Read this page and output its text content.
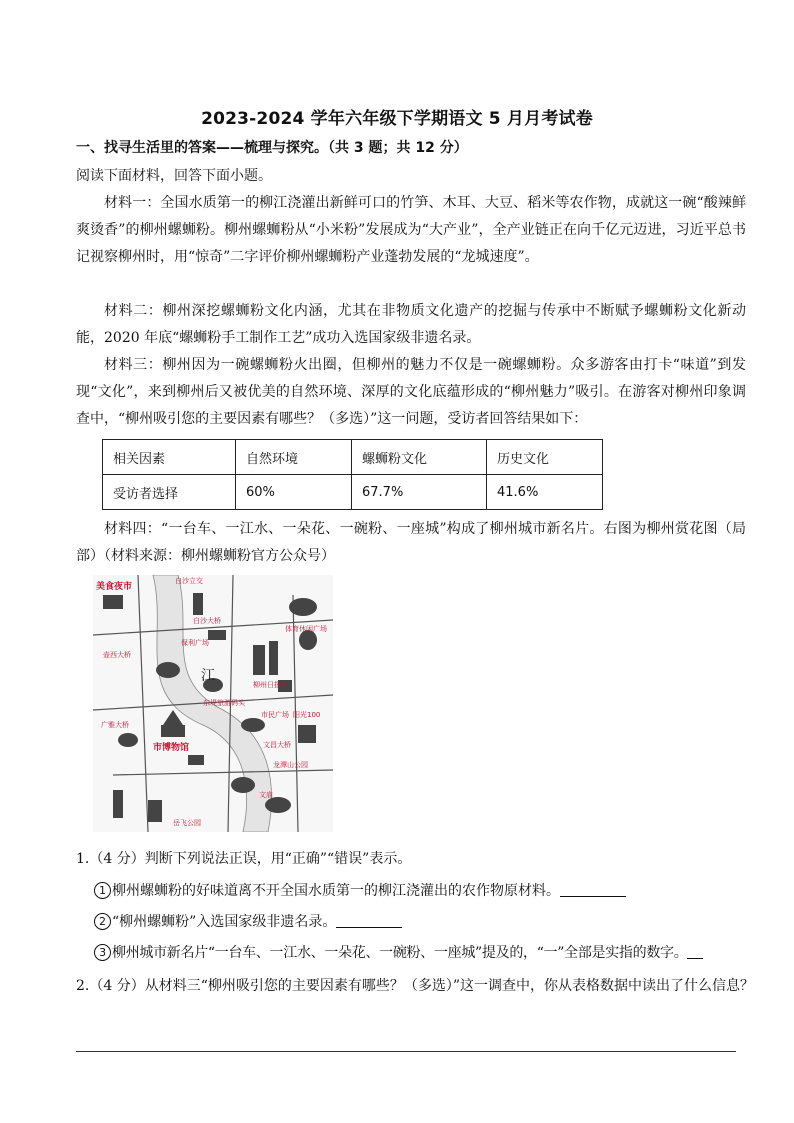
2023-2024 学年六年级下学期语文 5 月月考试卷
一、找寻生活里的答案——梳理与探究。（共 3 题；共 12 分）
阅读下面材料，回答下面小题。
材料一：全国水质第一的柳江浇灌出新鲜可口的竹笋、木耳、大豆、稻米等农作物，成就这一碗“酸辣鲜爽烫香”的柳州螺蛳粉。柳州螺蛳粉从“小米粉”发展成为“大产业”，全产业链正在向千亿元迈进，习近平总书记视察柳州时，用“惊奇”二字评价柳州螺蛳粉产业蓬勃发展的“龙城速度”。
材料二：柳州深挖螺蛳粉文化内涵，尤其在非物质文化遗产的挖掘与传承中不断赋予螺蛳粉文化新动能，2020 年底“螺蛳粉手工制作工艺”成功入选国家级非遗名录。
材料三：柳州因为一碗螺蛳粉火出圈，但柳州的魅力不仅是一碗螺蛳粉。众多游客由打卡“味道”到发现“文化”，来到柳州后又被优美的自然环境、深厚的文化底蕴形成的“柳州魅力”吸引。在游客对柳州印象调查中，“柳州吸引您的主要因素有哪些？（多选）”这一问题，受访者回答结果如下：
相关因素	自然环境	螺蛳粉文化	历史文化
受访者选择	60%	67.7%	41.6%
材料四：“一台车、一江水、一朵花、一碗粉、一座城”构成了柳州城市新名片。右图为柳州赏花图（局部）（材料来源：柳州螺蛳粉官方公众号）
美食夜市
白沙立交
白沙大桥
体育休闲广场
壶西大桥
保利广场
江
柳州日报社
东堤旅游码头
市民广场 阳光100
广雅大桥
市博物馆	文昌大桥
龙潭山公园
文庙
岳飞公园
1.（4 分）判断下列说法正误，用“正确”“错误”表示。
1 柳州螺蛳粉的好味道离不开全国水质第一的柳江浇灌出的农作物原材料。
2 “柳州螺蛳粉”入选国家级非遗名录。
3 柳州城市新名片“一台车、一江水、一朵花、一碗粉、一座城”提及的，“一”全部是实指的数字。
2.（4 分）从材料三“柳州吸引您的主要因素有哪些？（多选）”这一调查中，你从表格数据中读出了什么信息？
